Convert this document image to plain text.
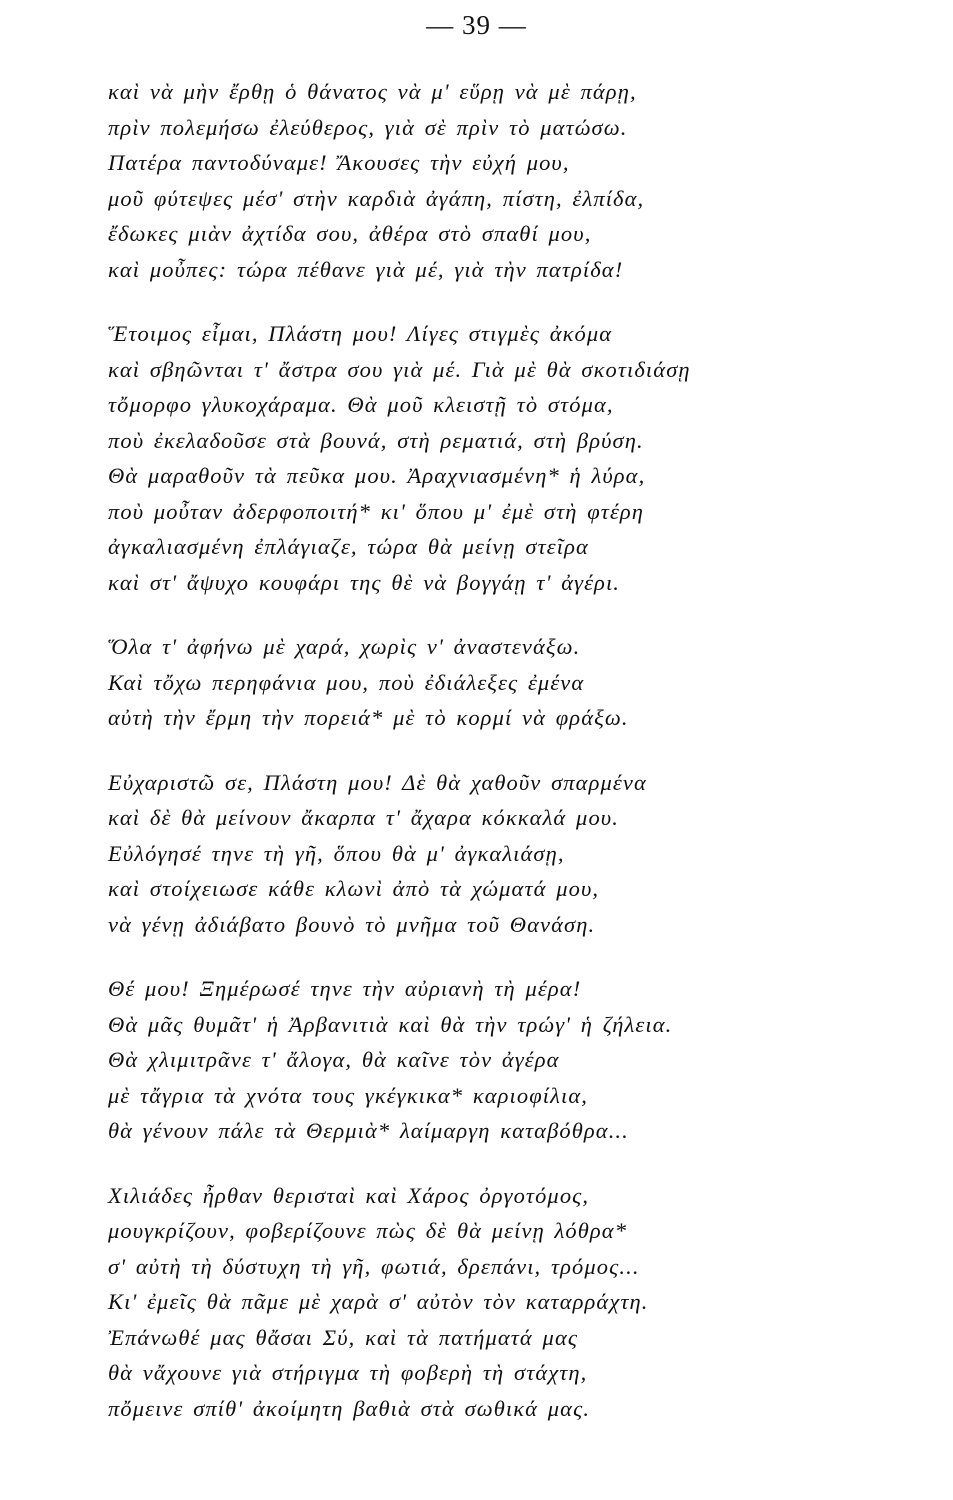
— 39 —
καὶ νὰ μὴν ἔρθῃ ὁ θάνατος νὰ μ' εὕρῃ νὰ μὲ πάρῃ,
πρὶν πολεμήσω ἐλεύθερος, γιὰ σὲ πρὶν τὸ ματώσω.
Πατέρα παντοδύναμε! Ἄκουσες τὴν εὐχή μου,
μοῦ φύτεψες μέσ' στὴν καρδιὰ ἀγάπη, πίστη, ἐλπίδα,
ἔδωκες μιὰν ἀχτίδα σου, ἀθέρα στὸ σπαθί μου,
καὶ μοὖπες: τώρα πέθανε γιὰ μέ, γιὰ τὴν πατρίδα!
Ἕτοιμος εἶμαι, Πλάστη μου! Λίγες στιγμὲς ἀκόμα
καὶ σβηῶνται τ' ἄστρα σου γιὰ μέ. Γιὰ μὲ θὰ σκοτιδιάσῃ
τὄμορφο γλυκοχάραμα. Θὰ μοῦ κλειστῇ τὸ στόμα,
ποὺ ἐκελαδοῦσε στὰ βουνά, στὴ ρεματιά, στὴ βρύση.
Θὰ μαραθοῦν τὰ πεῦκα μου. Ἀραχνιασμένη* ἡ λύρα,
ποὺ μοὖταν ἀδερφοποιτή* κι' ὅπου μ' ἐμὲ στὴ φτέρη
ἀγκαλιασμένη ἐπλάγιαζε, τώρα θὰ μείνῃ στεῖρα
καὶ στ' ἄψυχο κουφάρι της θὲ νὰ βογγάῃ τ' ἀγέρι.
Ὅλα τ' ἀφήνω μὲ χαρά, χωρὶς ν' ἀναστενάξω.
Καὶ τὄχω περηφάνια μου, ποὺ ἐδιάλεξες ἐμένα
αὐτὴ τὴν ἔρμη τὴν πορειά* μὲ τὸ κορμί νὰ φράξω.
Εὐχαριστῶ σε, Πλάστη μου! Δὲ θὰ χαθοῦν σπαρμένα
καὶ δὲ θὰ μείνουν ἄκαρπα τ' ἄχαρα κόκκαλά μου.
Εὐλόγησέ τηνε τὴ γῆ, ὅπου θὰ μ' ἀγκαλιάσῃ,
καὶ στοίχειωσε κάθε κλωνὶ ἀπὸ τὰ χώματά μου,
νὰ γένῃ ἀδιάβατο βουνὸ τὸ μνῆμα τοῦ Θανάση.
Θέ μου! Ξημέρωσέ τηνε τὴν αὐριανὴ τὴ μέρα!
Θὰ μᾶς θυμᾶτ' ἡ Ἀρβανιτιὰ καὶ θὰ τὴν τρώγ' ἡ ζήλεια.
Θὰ χλιμιτρᾶνε τ' ἄλογα, θὰ καῖνε τὸν ἀγέρα
μὲ τἄγρια τὰ χνότα τους γκέγκικα* καριοφίλια,
θὰ γένουν πάλε τὰ Θερμιὰ* λαίμαργη καταβόθρα...
Χιλιάδες ἦρθαν θερισταὶ καὶ Χάρος ὀργοτόμος,
μουγκρίζουν, φοβερίζουνε πὼς δὲ θὰ μείνῃ λόθρα*
σ' αὐτὴ τὴ δύστυχη τὴ γῆ, φωτιά, δρεπάνι, τρόμος...
Κι' ἐμεῖς θὰ πᾶμε μὲ χαρὰ σ' αὐτὸν τὸν καταρράχτη.
Ἐπάνωθέ μας θἄσαι Σύ, καὶ τὰ πατήματά μας
θὰ νἄχουνε γιὰ στήριγμα τὴ φοβερὴ τὴ στάχτη,
πὄμεινε σπίθ' ἀκοίμητη βαθιὰ στὰ σωθικά μας.
